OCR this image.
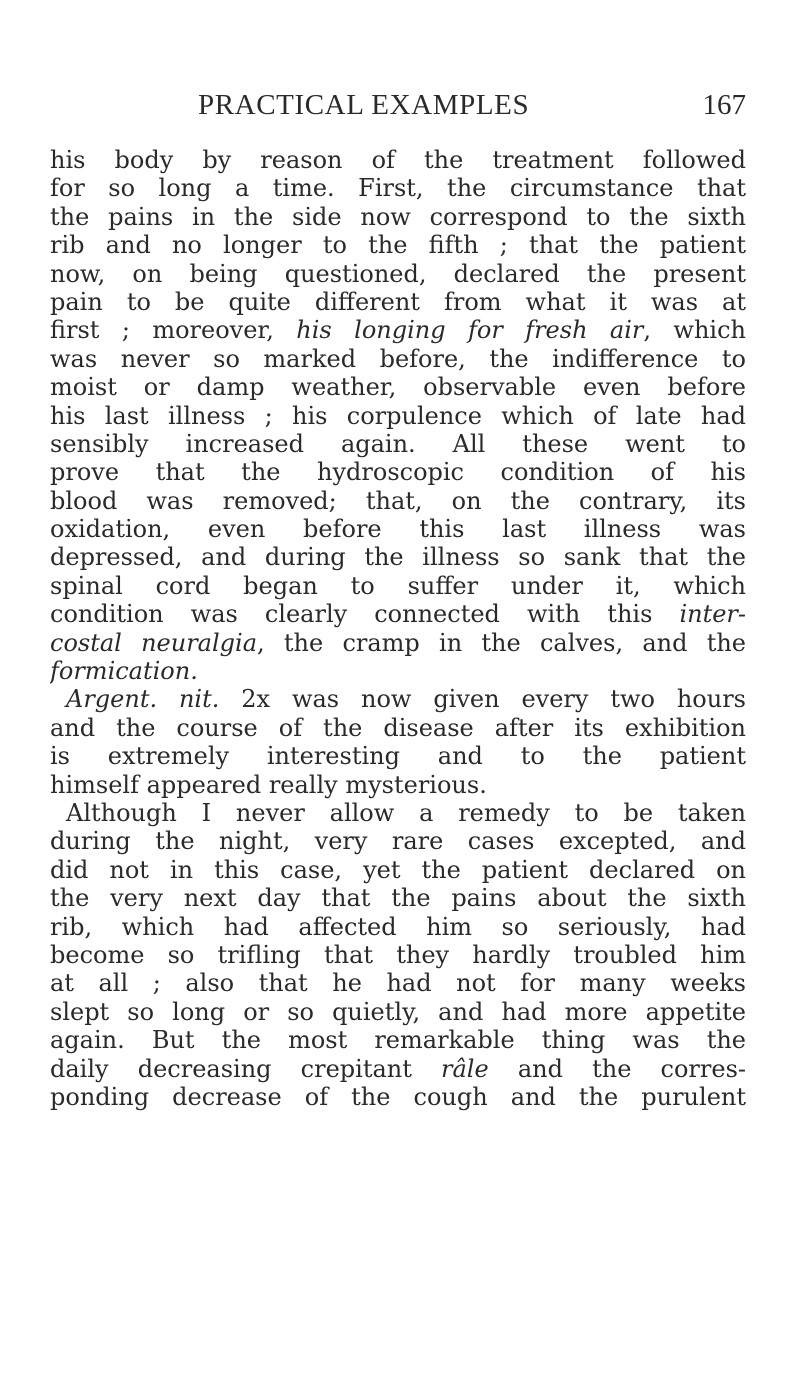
PRACTICAL EXAMPLES	167
his body by reason of the treatment followed
for so long a time. First, the circumstance that
the pains in the side now correspond to the sixth
rib and no longer to the fifth ; that the patient
now, on being questioned, declared the present
pain to be quite different from what it was at
first ; moreover, his longing for fresh air, which
was never so marked before, the indifference to
moist or damp weather, observable even before
his last illness ; his corpulence which of late had
sensibly increased again. All these went to
prove that the hydroscopic condition of his
blood was removed; that, on the contrary, its
oxidation, even before this last illness was
depressed, and during the illness so sank that the
spinal cord began to suffer under it, which
condition was clearly connected with this inter-
costal neuralgia, the cramp in the calves, and the
formication.
Argent. nit. 2x was now given every two hours
and the course of the disease after its exhibition
is extremely interesting and to the patient
himself appeared really mysterious.
Although I never allow a remedy to be taken
during the night, very rare cases excepted, and
did not in this case, yet the patient declared on
the very next day that the pains about the sixth
rib, which had affected him so seriously, had
become so trifling that they hardly troubled him
at all ; also that he had not for many weeks
slept so long or so quietly, and had more appetite
again. But the most remarkable thing was the
daily decreasing crepitant râle and the corres-
ponding decrease of the cough and the purulent
